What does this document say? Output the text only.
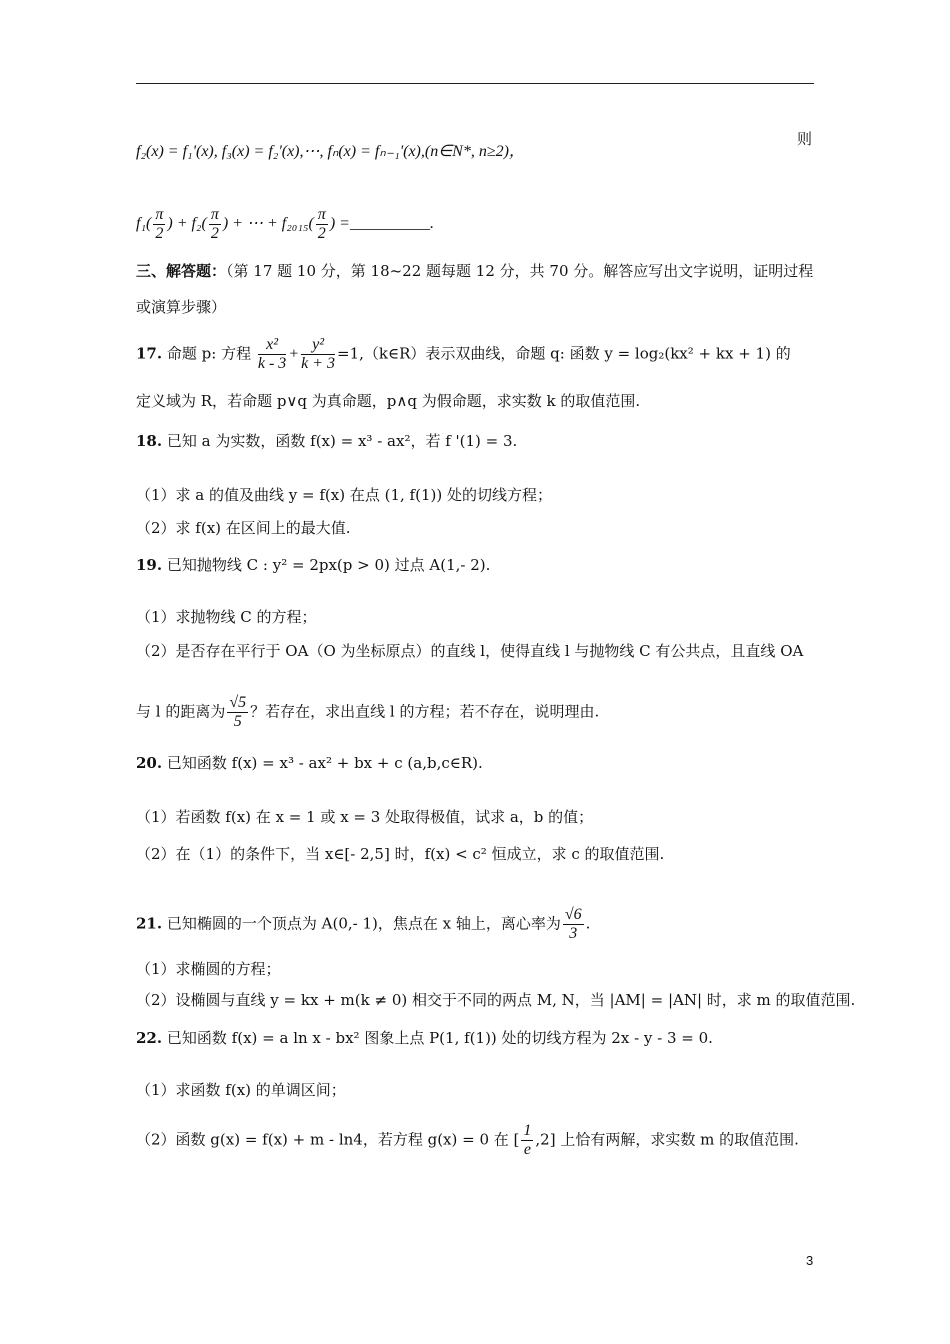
f₂(x) = f₁'(x), f₃(x) = f₂'(x),⋯, fₙ(x) = fₙ₋₁'(x),(n∈N*, n≥2)，
则
$f_1( \frac{\pi}{2}$ ) + $f_2( \frac{\pi}{2}$ ) + ⋯ + $f_{2015}( \frac{\pi}{2}$ ) =__________.
三、解答题：（第 17 题 10 分，第 18~22 题每题 12 分，共 70 分。解答应写出文字说明，证明过程
或演算步骤）
17. 命题 p: 方程 $\frac{\text{x²}}{k - 3} + \frac{\text{y²}}{k + 3}$ =1,（k∈R）表示双曲线，命题 q: 函数 y = log₂(kx² + kx + 1) 的
定义域为 R，若命题 p∨q 为真命题，p∧q 为假命题，求实数 k 的取值范围.
18. 已知 a 为实数，函数 f(x) = x³ - ax²，若 f '(1) = 3.
（1）求 a 的值及曲线 y = f(x) 在点 (1, f(1)) 处的切线方程；
（2）求 f(x) 在区间上的最大值.
19. 已知抛物线 C : y² = 2px(p > 0) 过点 A(1,- 2).
（1）求抛物线 C 的方程；
（2）是否存在平行于 OA（O 为坐标原点）的直线 l，使得直线 l 与抛物线 C 有公共点，且直线 OA
与 l 的距离为 $\frac{√5}{5}$ ？若存在，求出直线 l 的方程；若不存在，说明理由.
20. 已知函数 f(x) = x³ - ax² + bx + c (a,b,c∈R).
（1）若函数 f(x) 在 x = 1 或 x = 3 处取得极值，试求 a，b 的值；
（2）在（1）的条件下，当 x∈[- 2,5] 时，f(x) < c² 恒成立，求 c 的取值范围.
21. 已知椭圆的一个顶点为 A(0,- 1)，焦点在 x 轴上，离心率为 $\frac{√6}{3}$ .
（1）求椭圆的方程；
（2）设椭圆与直线 y = kx + m(k ≠ 0) 相交于不同的两点 M, N，当 |AM| = |AN| 时，求 m 的取值范围.
22. 已知函数 f(x) = a ln x - bx² 图象上点 P(1, f(1)) 处的切线方程为 2x - y - 3 = 0.
（1）求函数 f(x) 的单调区间；
（2）函数 g(x) = f(x) + m - ln4，若方程 g(x) = 0 在 [ $\frac{1}{e} ,2$] 上恰有两解，求实数 m 的取值范围.
3
